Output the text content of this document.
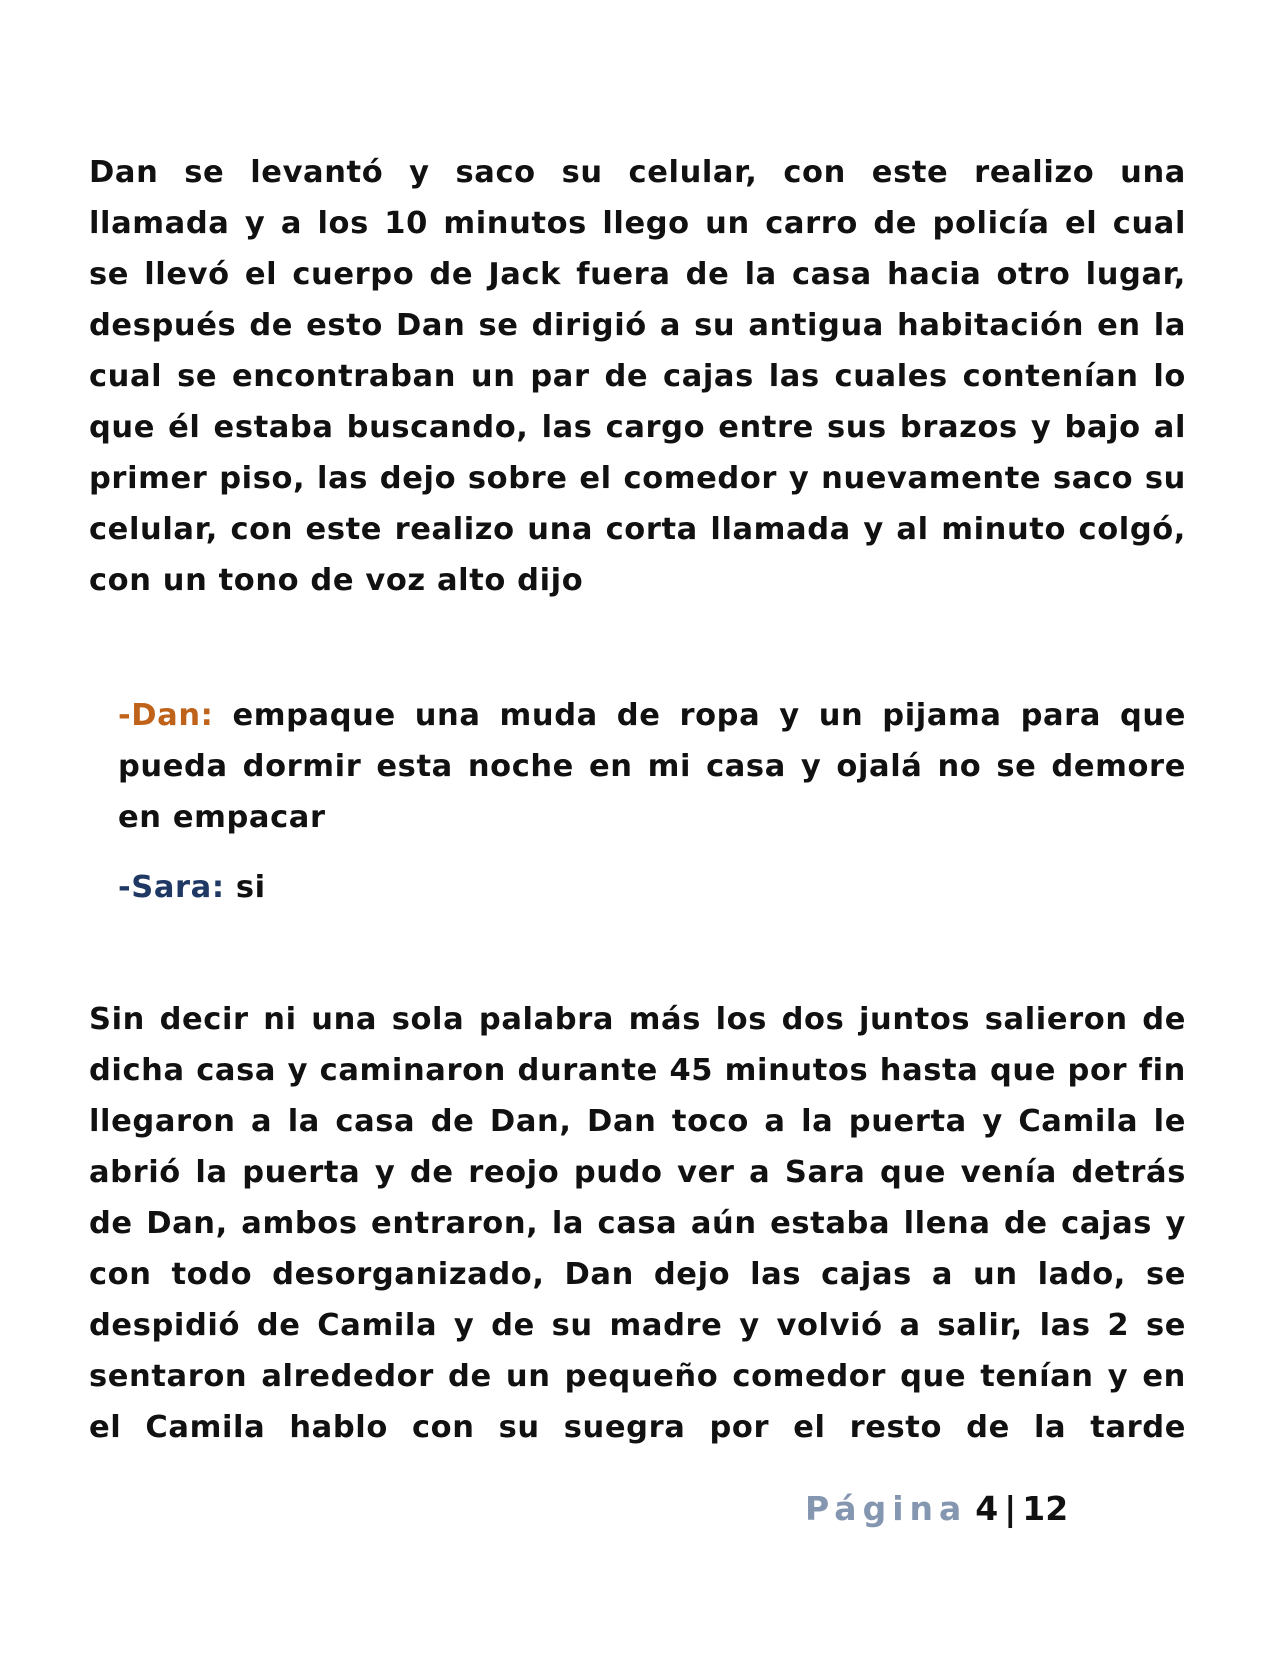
Dan se levantó y saco su celular, con este realizo una llamada y a los 10 minutos llego un carro de policía el cual se llevó el cuerpo de Jack fuera de la casa hacia otro lugar, después de esto Dan se dirigió a su antigua habitación en la cual se encontraban un par de cajas las cuales contenían lo que él estaba buscando, las cargo entre sus brazos y bajo al primer piso, las dejo sobre el comedor y nuevamente saco su celular, con este realizo una corta llamada y al minuto colgó, con un tono de voz alto dijo

-Dan: empaque una muda de ropa y un pijama para que pueda dormir esta noche en mi casa y ojalá no se demore en empacar

-Sara: si

Sin decir ni una sola palabra más los dos juntos salieron de dicha casa y caminaron durante 45 minutos hasta que por fin llegaron a la casa de Dan, Dan toco a la puerta y Camila le abrió la puerta y de reojo pudo ver a Sara que venía detrás de Dan, ambos entraron, la casa aún estaba llena de cajas y con todo desorganizado, Dan dejo las cajas a un lado, se despidió de Camila y de su madre y volvió a salir, las 2 se sentaron alrededor de un pequeño comedor que tenían y en el Camila hablo con su suegra por el resto de la tarde

Página 4 | 12
